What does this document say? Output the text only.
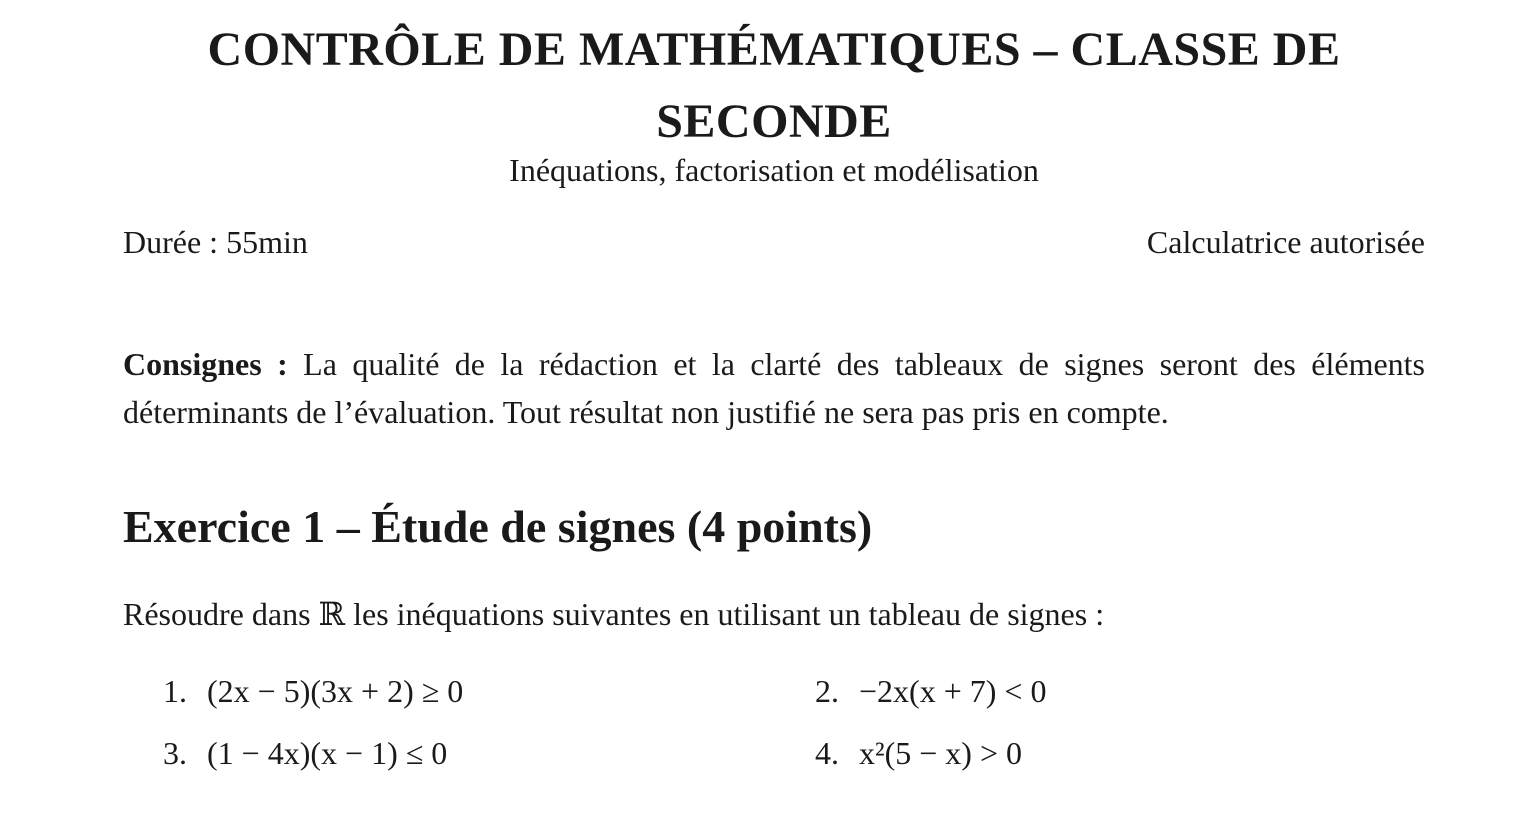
CONTRÔLE DE MATHÉMATIQUES – CLASSE DE SECONDE
Inéquations, factorisation et modélisation
Durée : 55min	Calculatrice autorisée
Consignes : La qualité de la rédaction et la clarté des tableaux de signes seront des éléments déterminants de l’évaluation. Tout résultat non justifié ne sera pas pris en compte.
Exercice 1 – Étude de signes (4 points)
Résoudre dans ℝ les inéquations suivantes en utilisant un tableau de signes :
1. (2x − 5)(3x + 2) ≥ 0	2. −2x(x + 7) < 0
3. (1 − 4x)(x − 1) ≤ 0	4. x²(5 − x) > 0
